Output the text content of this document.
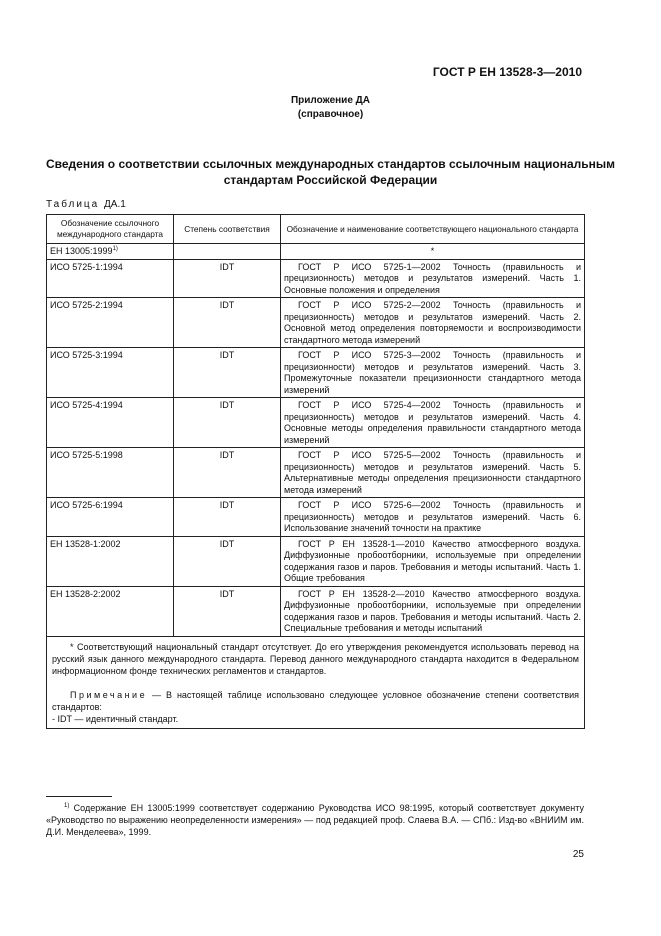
ГОСТ Р ЕН 13528-3—2010
Приложение ДА
(справочное)
Сведения о соответствии ссылочных международных стандартов ссылочным национальным стандартам Российской Федерации
Таблица ДА.1
Обозначение ссылочного международного стандарта	Степень соответствия	Обозначение и наименование соответствующего национального стандарта
ЕН 13005:1999$^{1)}$		*
ИСО 5725-1:1994	IDT	ГОСТ Р ИСО 5725-1—2002 Точность (правильность и прецизионность) методов и результатов измерений. Часть 1. Основные положения и определения
ИСО 5725-2:1994	IDT	ГОСТ Р ИСО 5725-2—2002 Точность (правильность и прецизионность) методов и результатов измерений. Часть 2. Основной метод определения повторяемости и воспроизводимости стандартного метода измерений
ИСО 5725-3:1994	IDT	ГОСТ Р ИСО 5725-3—2002 Точность (правильность и прецизионности) методов и результатов измерений. Часть 3. Промежуточные показатели прецизионности стандартного метода измерений
ИСО 5725-4:1994	IDT	ГОСТ Р ИСО 5725-4—2002 Точность (правильность и прецизионность) методов и результатов измерений. Часть 4. Основные методы определения правильности стандартного метода измерений
ИСО 5725-5:1998	IDT	ГОСТ Р ИСО 5725-5—2002 Точность (правильность и прецизионность) методов и результатов измерений. Часть 5. Альтернативные методы определения прецизионности стандартного метода измерений
ИСО 5725-6:1994	IDT	ГОСТ Р ИСО 5725-6—2002 Точность (правильность и прецизионность) методов и результатов измерений. Часть 6. Использование значений точности на практике
ЕН 13528-1:2002	IDT	ГОСТ Р ЕН 13528-1—2010 Качество атмосферного воздуха. Диффузионные пробоотборники, используемые при определении содержания газов и паров. Требования и методы испытаний. Часть 1. Общие требования
ЕН 13528-2:2002	IDT	ГОСТ Р ЕН 13528-2—2010 Качество атмосферного воздуха. Диффузионные пробоотборники, используемые при определении содержания газов и паров. Требования и методы испытаний. Часть 2. Специальные требования и методы испытаний

* Соответствующий национальный стандарт отсутствует. До его утверждения рекомендуется использовать перевод на русский язык данного международного стандарта. Перевод данного международного стандарта находится в Федеральном информационном фонде технических регламентов и стандартов.

Примечание — В настоящей таблице использовано следующее условное обозначение степени соответствия стандартов:

- IDT — идентичный стандарт.		

$^{1)}$ Содержание ЕН 13005:1999 соответствует содержанию Руководства ИСО 98:1995, который соответствует документу «Руководство по выражению неопределенности измерения» — под редакцией проф. Слаева В.А. — СПб.: Изд-во «ВНИИМ им. Д.И. Менделеева», 1999.
25
